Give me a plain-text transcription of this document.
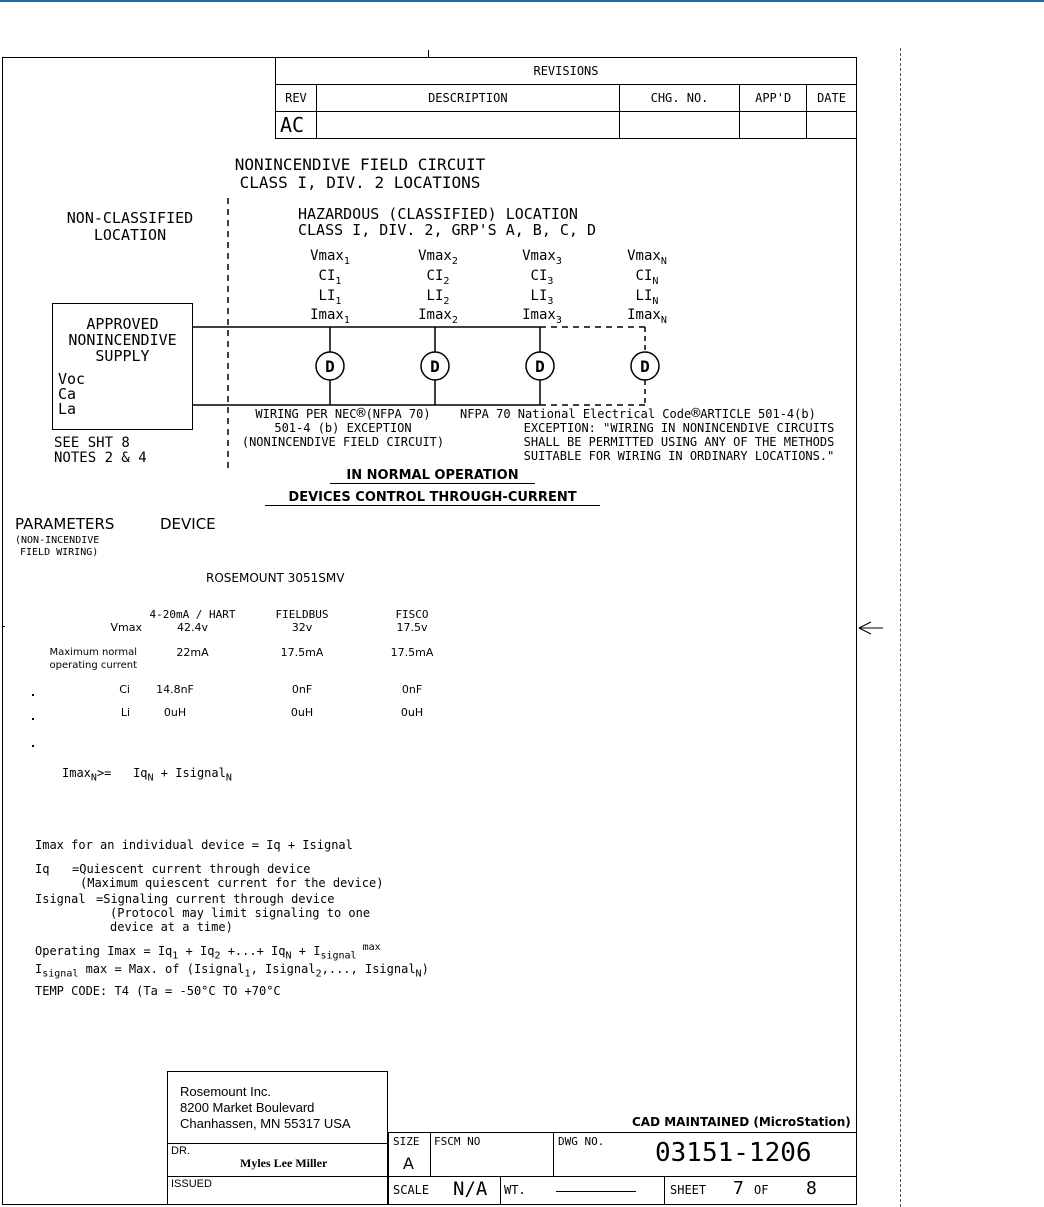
REVISIONS				
REV	DESCRIPTION	CHG. NO.	APP'D	DATE
AC				
NONINCENDIVE FIELD CIRCUIT
CLASS I, DIV. 2 LOCATIONS
NON-CLASSIFIED
LOCATION
HAZARDOUS (CLASSIFIED) LOCATION
CLASS I, DIV. 2, GRP'S A, B, C, D
Vmax$_1$
$CI_1$
$LI_1$
Imax$_1$
Vmax$_2$
$CI_2$
$LI_2$
Imax$_2$
Vmax$_3$
$CI_3$
$LI_3$
Imax$_3$
Vmax$_N$
$CI_N$
$LI_N$
Imax$_N$
D	D	D	D
APPROVED
NONINCENDIVE
SUPPLY
Voc
Ca
La
SEE SHT 8
NOTES 2 & 4
WIRING PER NEC®(NFPA 70)
501-4 (b) EXCEPTION
(NONINCENDIVE FIELD CIRCUIT)
NFPA 70 National Electrical Code®ARTICLE 501-4(b)
EXCEPTION: "WIRING IN NONINCENDIVE CIRCUITS
SHALL BE PERMITTED USING ANY OF THE METHODS
SUITABLE FOR WIRING IN ORDINARY LOCATIONS."
IN NORMAL OPERATION
DEVICES CONTROL THROUGH-CURRENT
PARAMETERS	DEVICE
(NON-INCENDIVE
FIELD WIRING)
ROSEMOUNT 3051SMV
4-20mA / HART	FIELDBUS	FISCO
Vmax	42.4v	32v	17.5v
Maximum normal
operating current
22mA	17.5mA	17.5mA
Ci	14.8nF	0nF	0nF
Li	0uH	0uH	0uH
$Imax_N>= Iq_N$ + Isignal$_N$
Imax for an individual device = Iq + Isignal
Iq =Quiescent current through device
(Maximum quiescent current for the device)
Isignal =Signaling current through device
(Protocol may limit signaling to one
device at a time)
Operating $Imax = Iq_1 + Iq_2$ +...+ $Iq_N + I_{signal}$ $^{max}$
$I_{signal}$ max = Max. of (Isignal$_1$, Isignal$_2$,..., Isignal$_N$)
TEMP CODE: T4 (Ta = -50°C TO +70°C
Rosemount Inc.
8200 Market Boulevard
Chanhassen, MN 55317 USA	CAD MAINTAINED (MicroStation)
DR.
Myles Lee Miller
ISSUED
SIZE
A
FSCM NO	DWG NO. 03151-1206
SCALE N/A WT.	SHEET 7 OF 8
